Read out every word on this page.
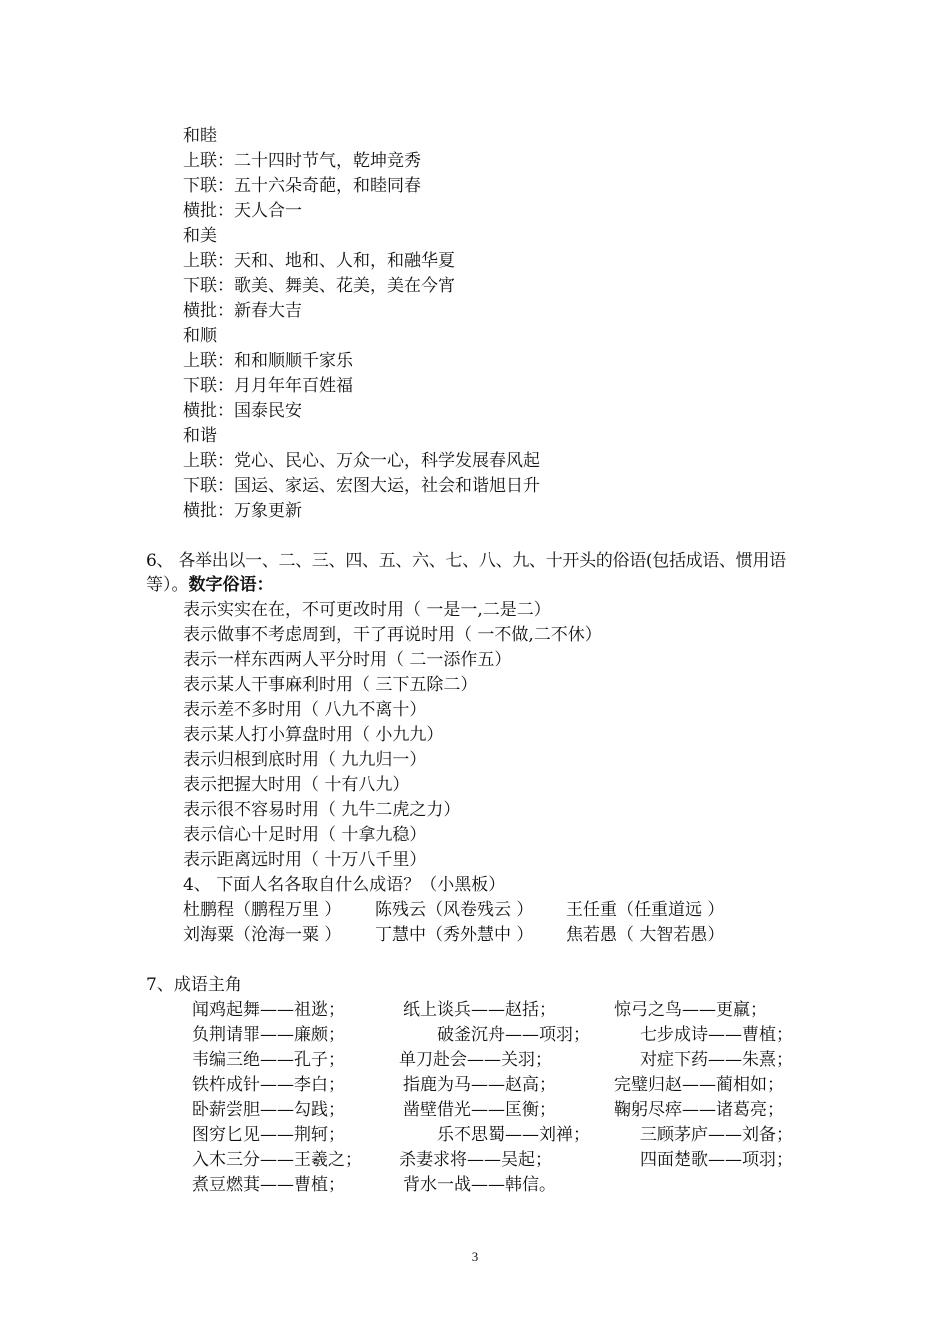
和睦
上联：二十四时节气，乾坤竞秀
下联：五十六朵奇葩，和睦同春
横批：天人合一
和美
上联：天和、地和、人和，和融华夏
下联：歌美、舞美、花美，美在今宵
横批：新春大吉
和顺
上联：和和顺顺千家乐
下联：月月年年百姓福
横批：国泰民安
和谐
上联：党心、民心、万众一心，科学发展春风起
下联：国运、家运、宏图大运，社会和谐旭日升
横批：万象更新
6、 各举出以一、二、三、四、五、六、七、八、九、十开头的俗语(包括成语、惯用语
等）。数字俗语：
表示实实在在，不可更改时用（ 一是一,二是二）
表示做事不考虑周到，干了再说时用（ 一不做,二不休）
表示一样东西两人平分时用（ 二一添作五）
表示某人干事麻利时用（ 三下五除二）
表示差不多时用（ 八九不离十）
表示某人打小算盘时用（ 小九九）
表示归根到底时用（ 九九归一）
表示把握大时用（ 十有八九）
表示很不容易时用（ 九牛二虎之力）
表示信心十足时用（ 十拿九稳）
表示距离远时用（ 十万八千里）
4、 下面人名各取自什么成语？（小黑板）
杜鹏程（鹏程万里 ） 陈残云（风卷残云 ） 王任重（任重道远 ）
刘海粟（沧海一粟 ） 丁慧中（秀外慧中 ） 焦若愚（ 大智若愚）
7、成语主角
闻鸡起舞——祖逖；	纸上谈兵——赵括；	惊弓之鸟——更羸；
负荆请罪——廉颇；	破釜沉舟——项羽；	七步成诗——曹植；
韦编三绝——孔子；	单刀赴会——关羽；	对症下药——朱熹；
铁杵成针——李白；	指鹿为马——赵高；	完璧归赵——蔺相如；
卧薪尝胆——勾践；	凿壁借光——匡衡；	鞠躬尽瘁——诸葛亮；
图穷匕见——荆轲；	乐不思蜀——刘禅；	三顾茅庐——刘备；
入木三分——王羲之； 杀妻求将——吴起；	四面楚歌——项羽；
煮豆燃萁——曹植；	背水一战——韩信。
3
